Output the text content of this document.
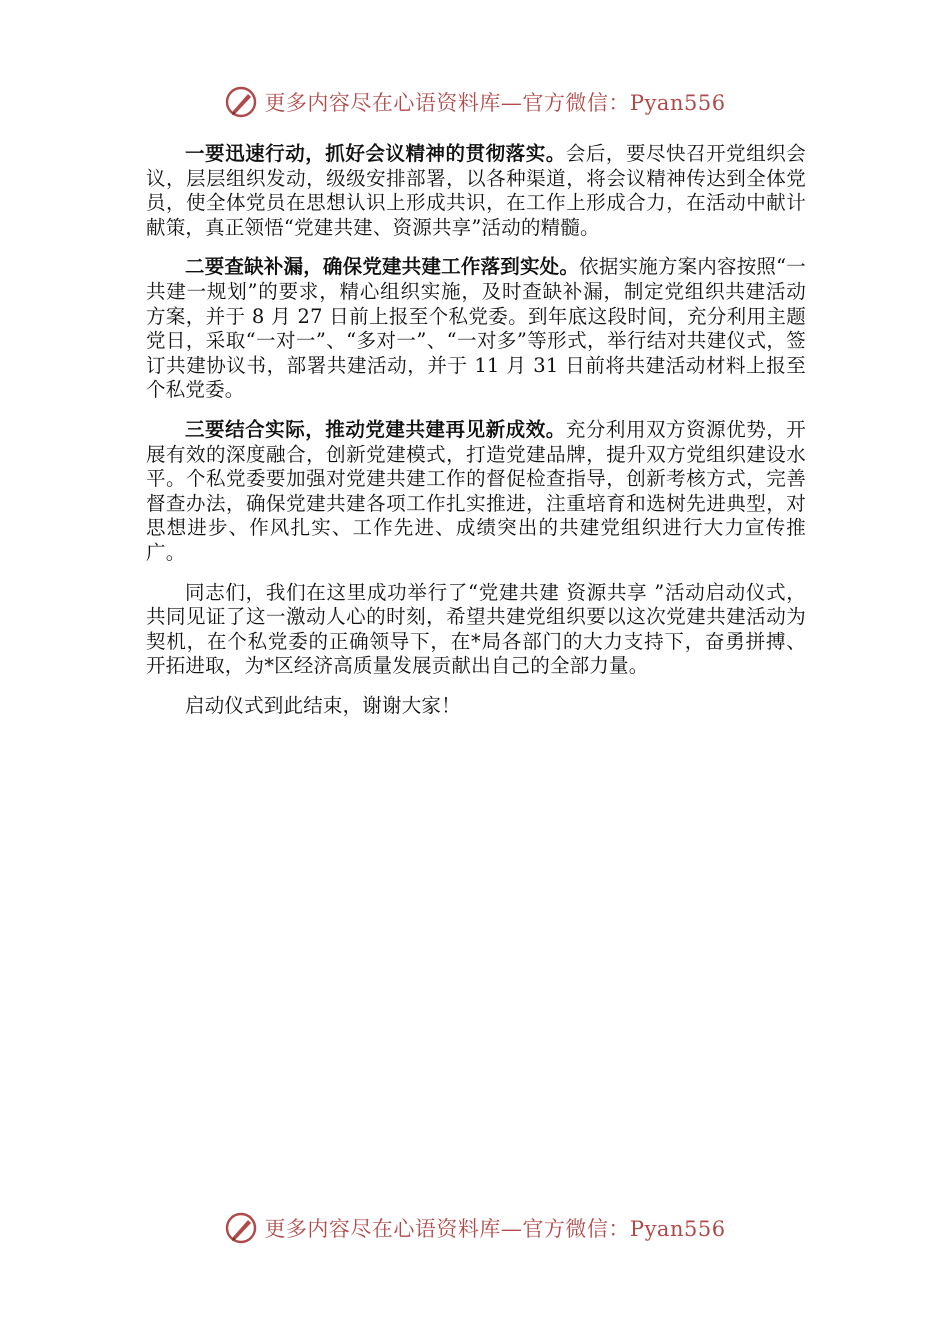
更多内容尽在心语资料库—官方微信：Pyan556

一要迅速行动，抓好会议精神的贯彻落实。会后，要尽快召开党组织会议，层层组织发动，级级安排部署，以各种渠道，将会议精神传达到全体党员，使全体党员在思想认识上形成共识，在工作上形成合力，在活动中献计献策，真正领悟“党建共建、资源共享”活动的精髓。

二要查缺补漏，确保党建共建工作落到实处。依据实施方案内容按照“一共建一规划”的要求，精心组织实施，及时查缺补漏，制定党组织共建活动方案，并于 8 月 27 日前上报至个私党委。到年底这段时间，充分利用主题党日，采取“一对一”、“多对一”、“一对多”等形式，举行结对共建仪式，签订共建协议书，部署共建活动，并于 11 月 31 日前将共建活动材料上报至个私党委。

三要结合实际，推动党建共建再见新成效。充分利用双方资源优势，开展有效的深度融合，创新党建模式，打造党建品牌，提升双方党组织建设水平。个私党委要加强对党建共建工作的督促检查指导，创新考核方式，完善督查办法，确保党建共建各项工作扎实推进，注重培育和选树先进典型，对思想进步、作风扎实、工作先进、成绩突出的共建党组织进行大力宣传推广。

同志们，我们在这里成功举行了“党建共建 资源共享 ”活动启动仪式，共同见证了这一激动人心的时刻，希望共建党组织要以这次党建共建活动为契机，在个私党委的正确领导下，在*局各部门的大力支持下，奋勇拼搏、开拓进取，为*区经济高质量发展贡献出自己的全部力量。

启动仪式到此结束，谢谢大家！

更多内容尽在心语资料库—官方微信：Pyan556
